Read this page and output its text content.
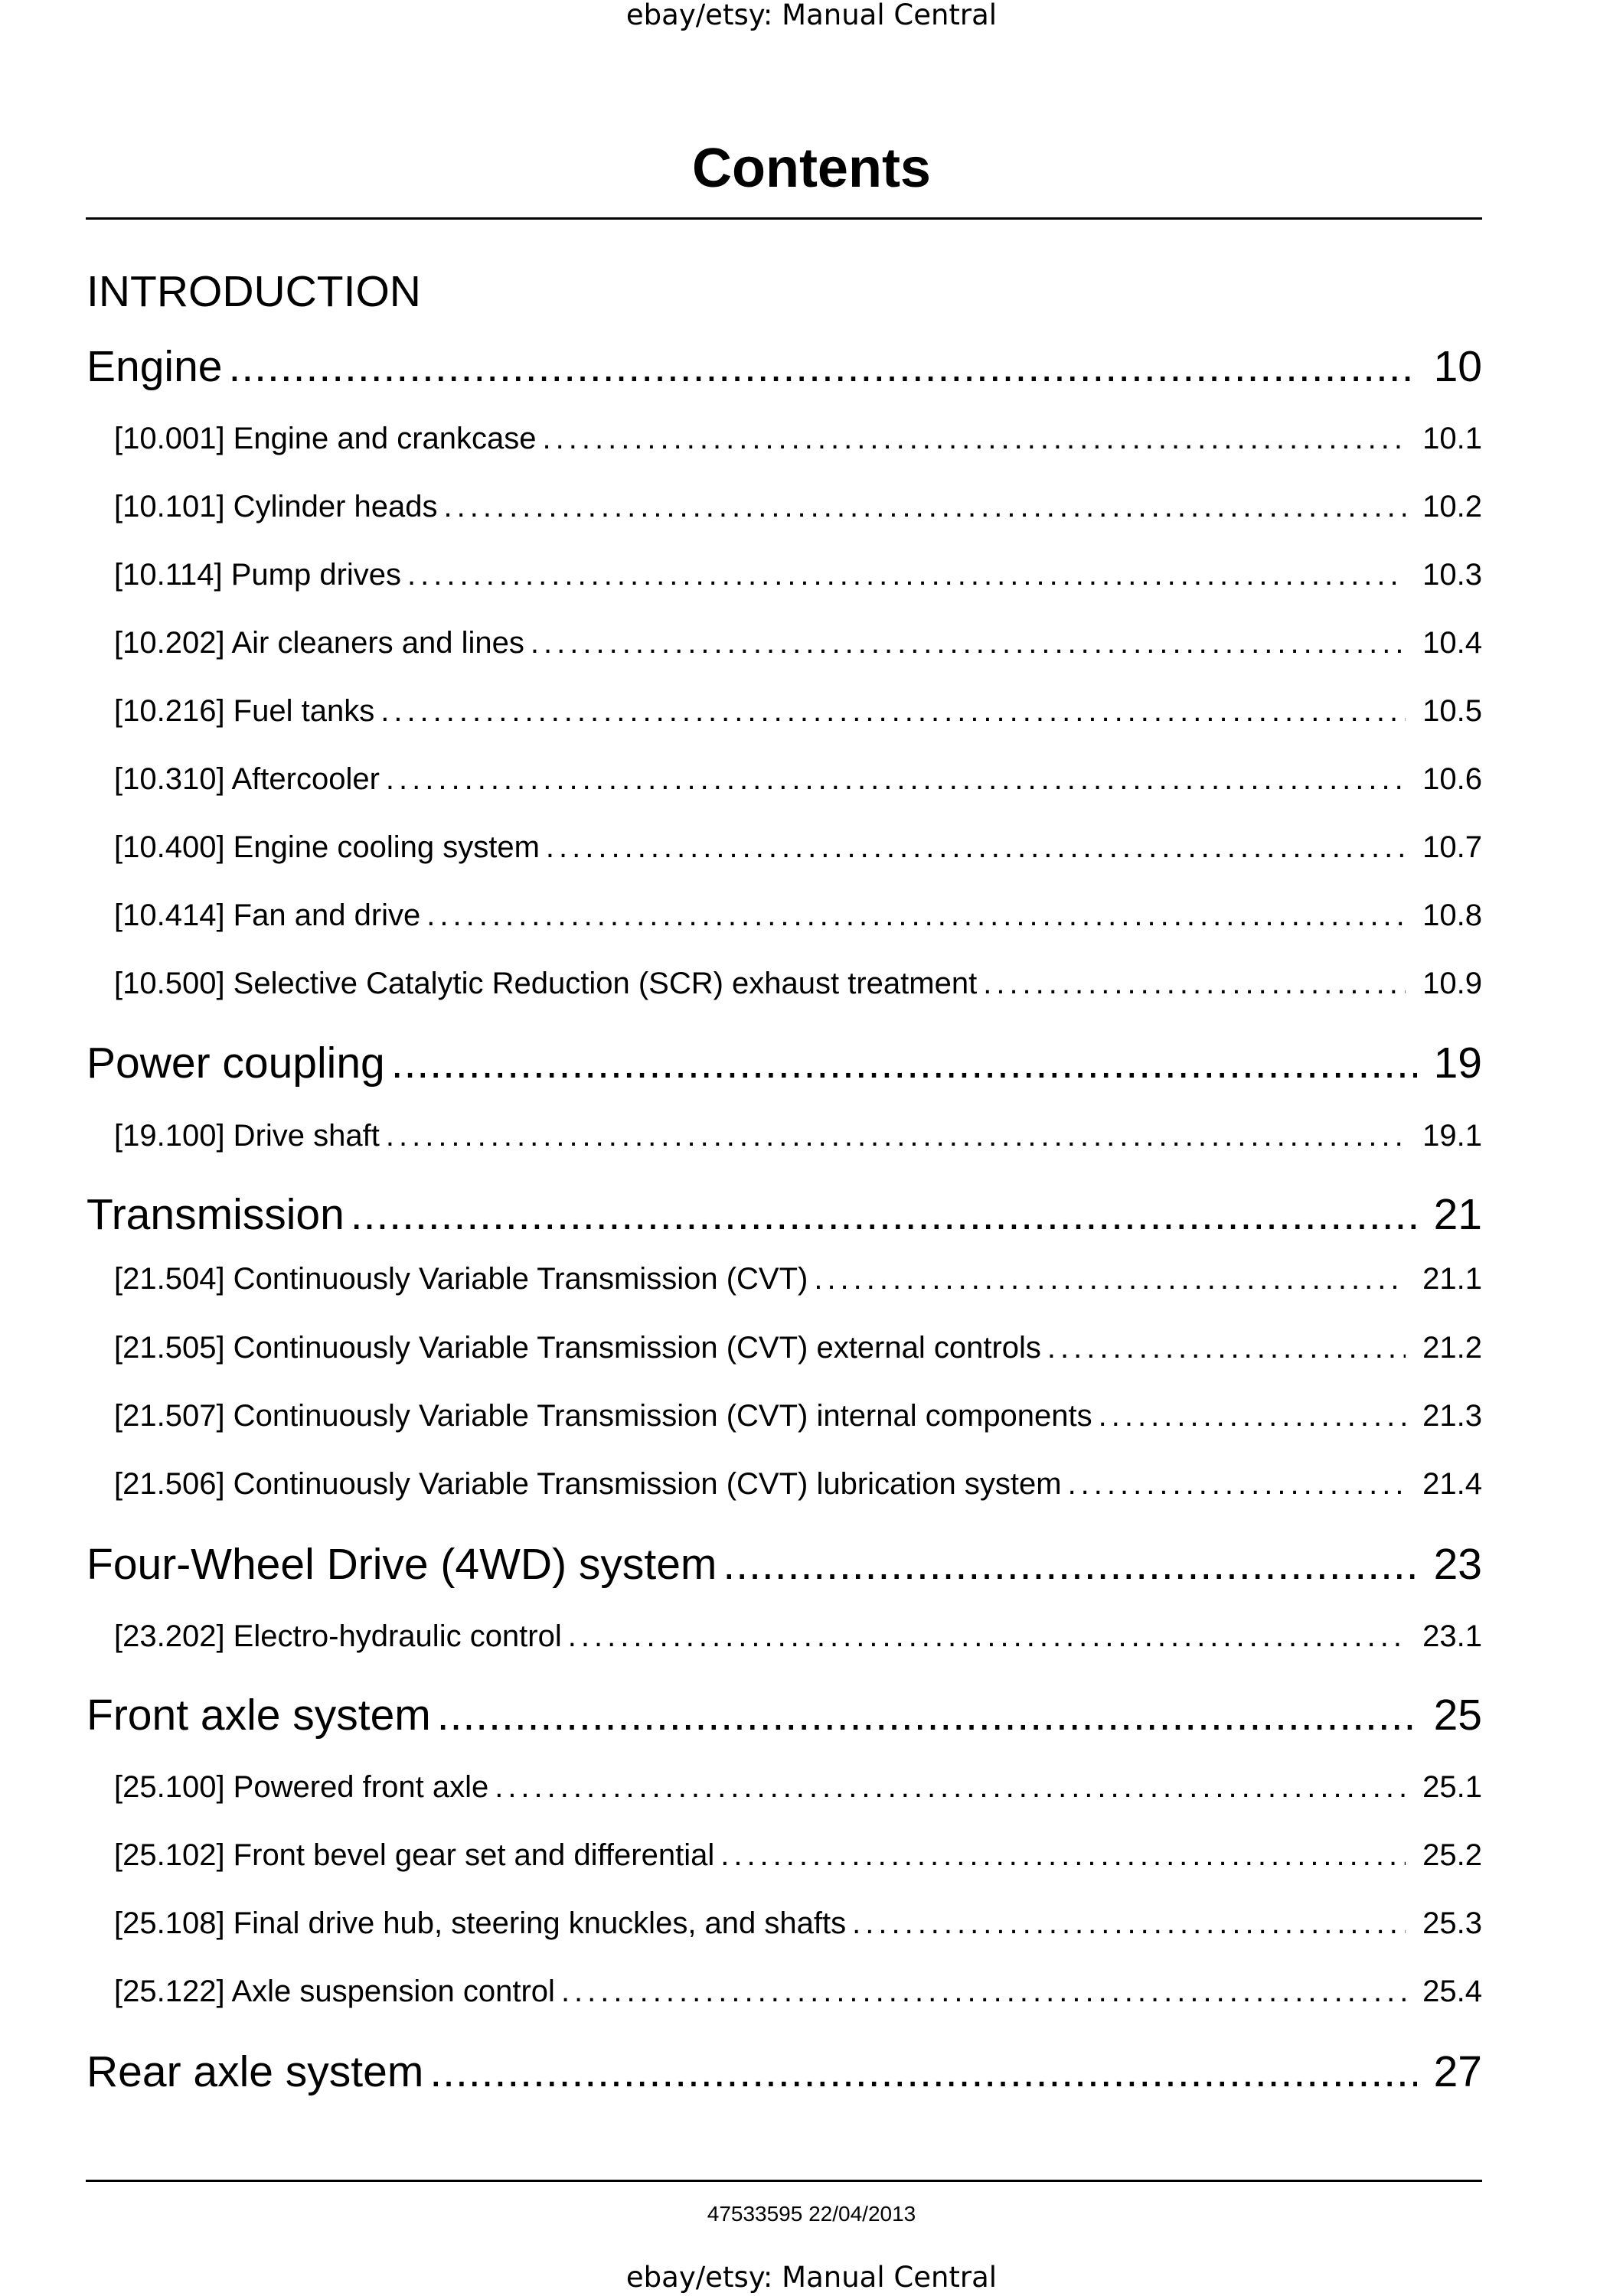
ebay/etsy: Manual Central
Contents
INTRODUCTION
Engine .....	10
[10.001] Engine and crankcase .....	10.1
[10.101] Cylinder heads .....	10.2
[10.114] Pump drives .....	10.3
[10.202] Air cleaners and lines .....	10.4
[10.216] Fuel tanks .....	10.5
[10.310] Aftercooler .....	10.6
[10.400] Engine cooling system .....	10.7
[10.414] Fan and drive .....	10.8
[10.500] Selective Catalytic Reduction (SCR) exhaust treatment .....	10.9
Power coupling .....	19
[19.100] Drive shaft .....	19.1
Transmission .....	21
[21.504] Continuously Variable Transmission (CVT) .....	21.1
[21.505] Continuously Variable Transmission (CVT) external controls .....	21.2
[21.507] Continuously Variable Transmission (CVT) internal components .....	21.3
[21.506] Continuously Variable Transmission (CVT) lubrication system .....	21.4
Four-Wheel Drive (4WD) system .....	23
[23.202] Electro-hydraulic control .....	23.1
Front axle system .....	25
[25.100] Powered front axle .....	25.1
[25.102] Front bevel gear set and differential .....	25.2
[25.108] Final drive hub, steering knuckles, and shafts .....	25.3
[25.122] Axle suspension control .....	25.4
Rear axle system .....	27
47533595 22/04/2013
ebay/etsy: Manual Central
